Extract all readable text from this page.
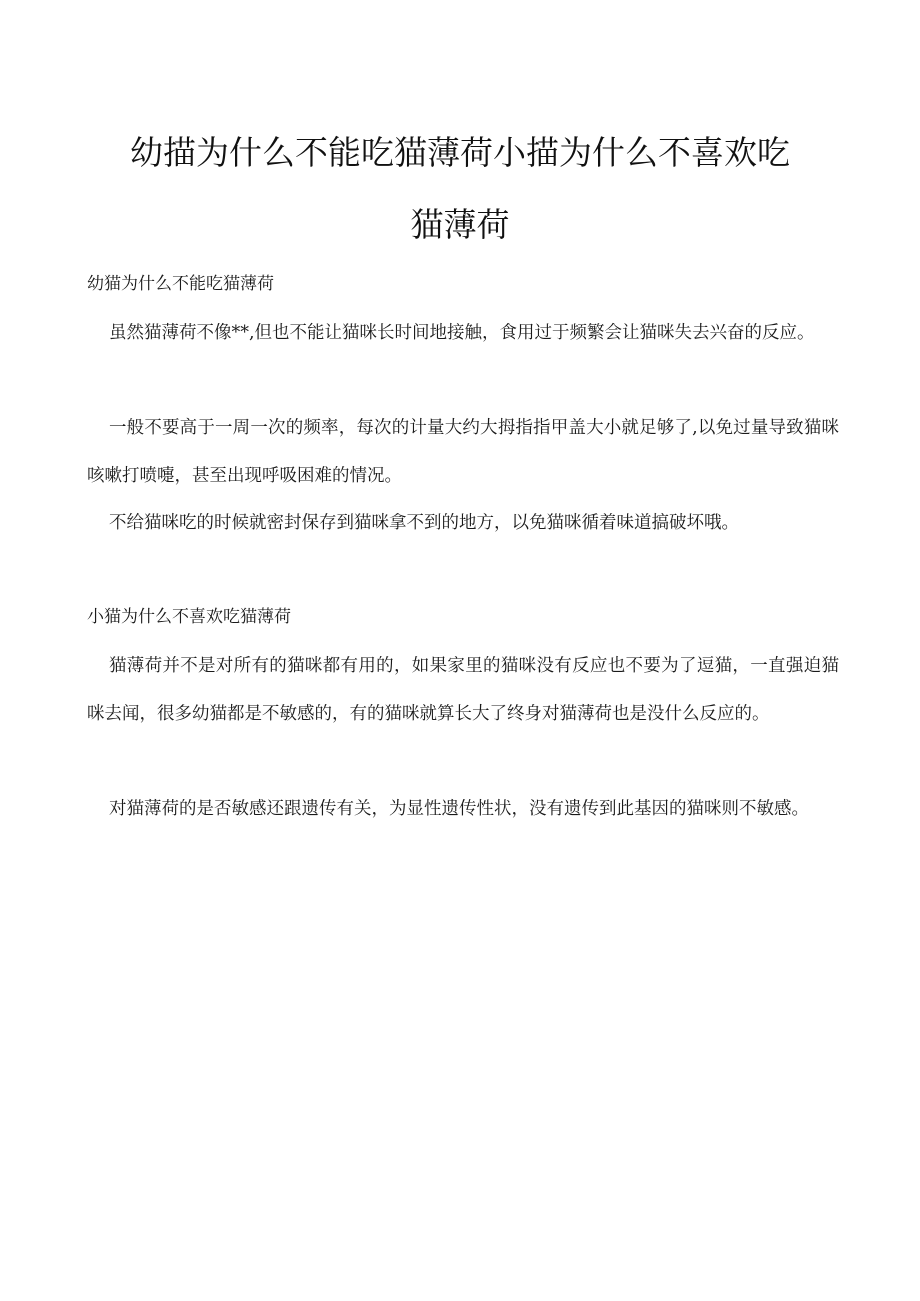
幼描为什么不能吃猫薄荷小描为什么不喜欢吃
猫薄荷
幼猫为什么不能吃猫薄荷

虽然猫薄荷不像**,但也不能让猫咪长时间地接触，食用过于频繁会让猫咪失去兴奋的反应。

一般不要高于一周一次的频率，每次的计量大约大拇指指甲盖大小就足够了,以免过量导致猫咪咳嗽打喷嚏，甚至出现呼吸困难的情况。

不给猫咪吃的时候就密封保存到猫咪拿不到的地方，以免猫咪循着味道搞破坏哦。

小猫为什么不喜欢吃猫薄荷

猫薄荷并不是对所有的猫咪都有用的，如果家里的猫咪没有反应也不要为了逗猫，一直强迫猫咪去闻，很多幼猫都是不敏感的，有的猫咪就算长大了终身对猫薄荷也是没什么反应的。

对猫薄荷的是否敏感还跟遗传有关，为显性遗传性状，没有遗传到此基因的猫咪则不敏感。
